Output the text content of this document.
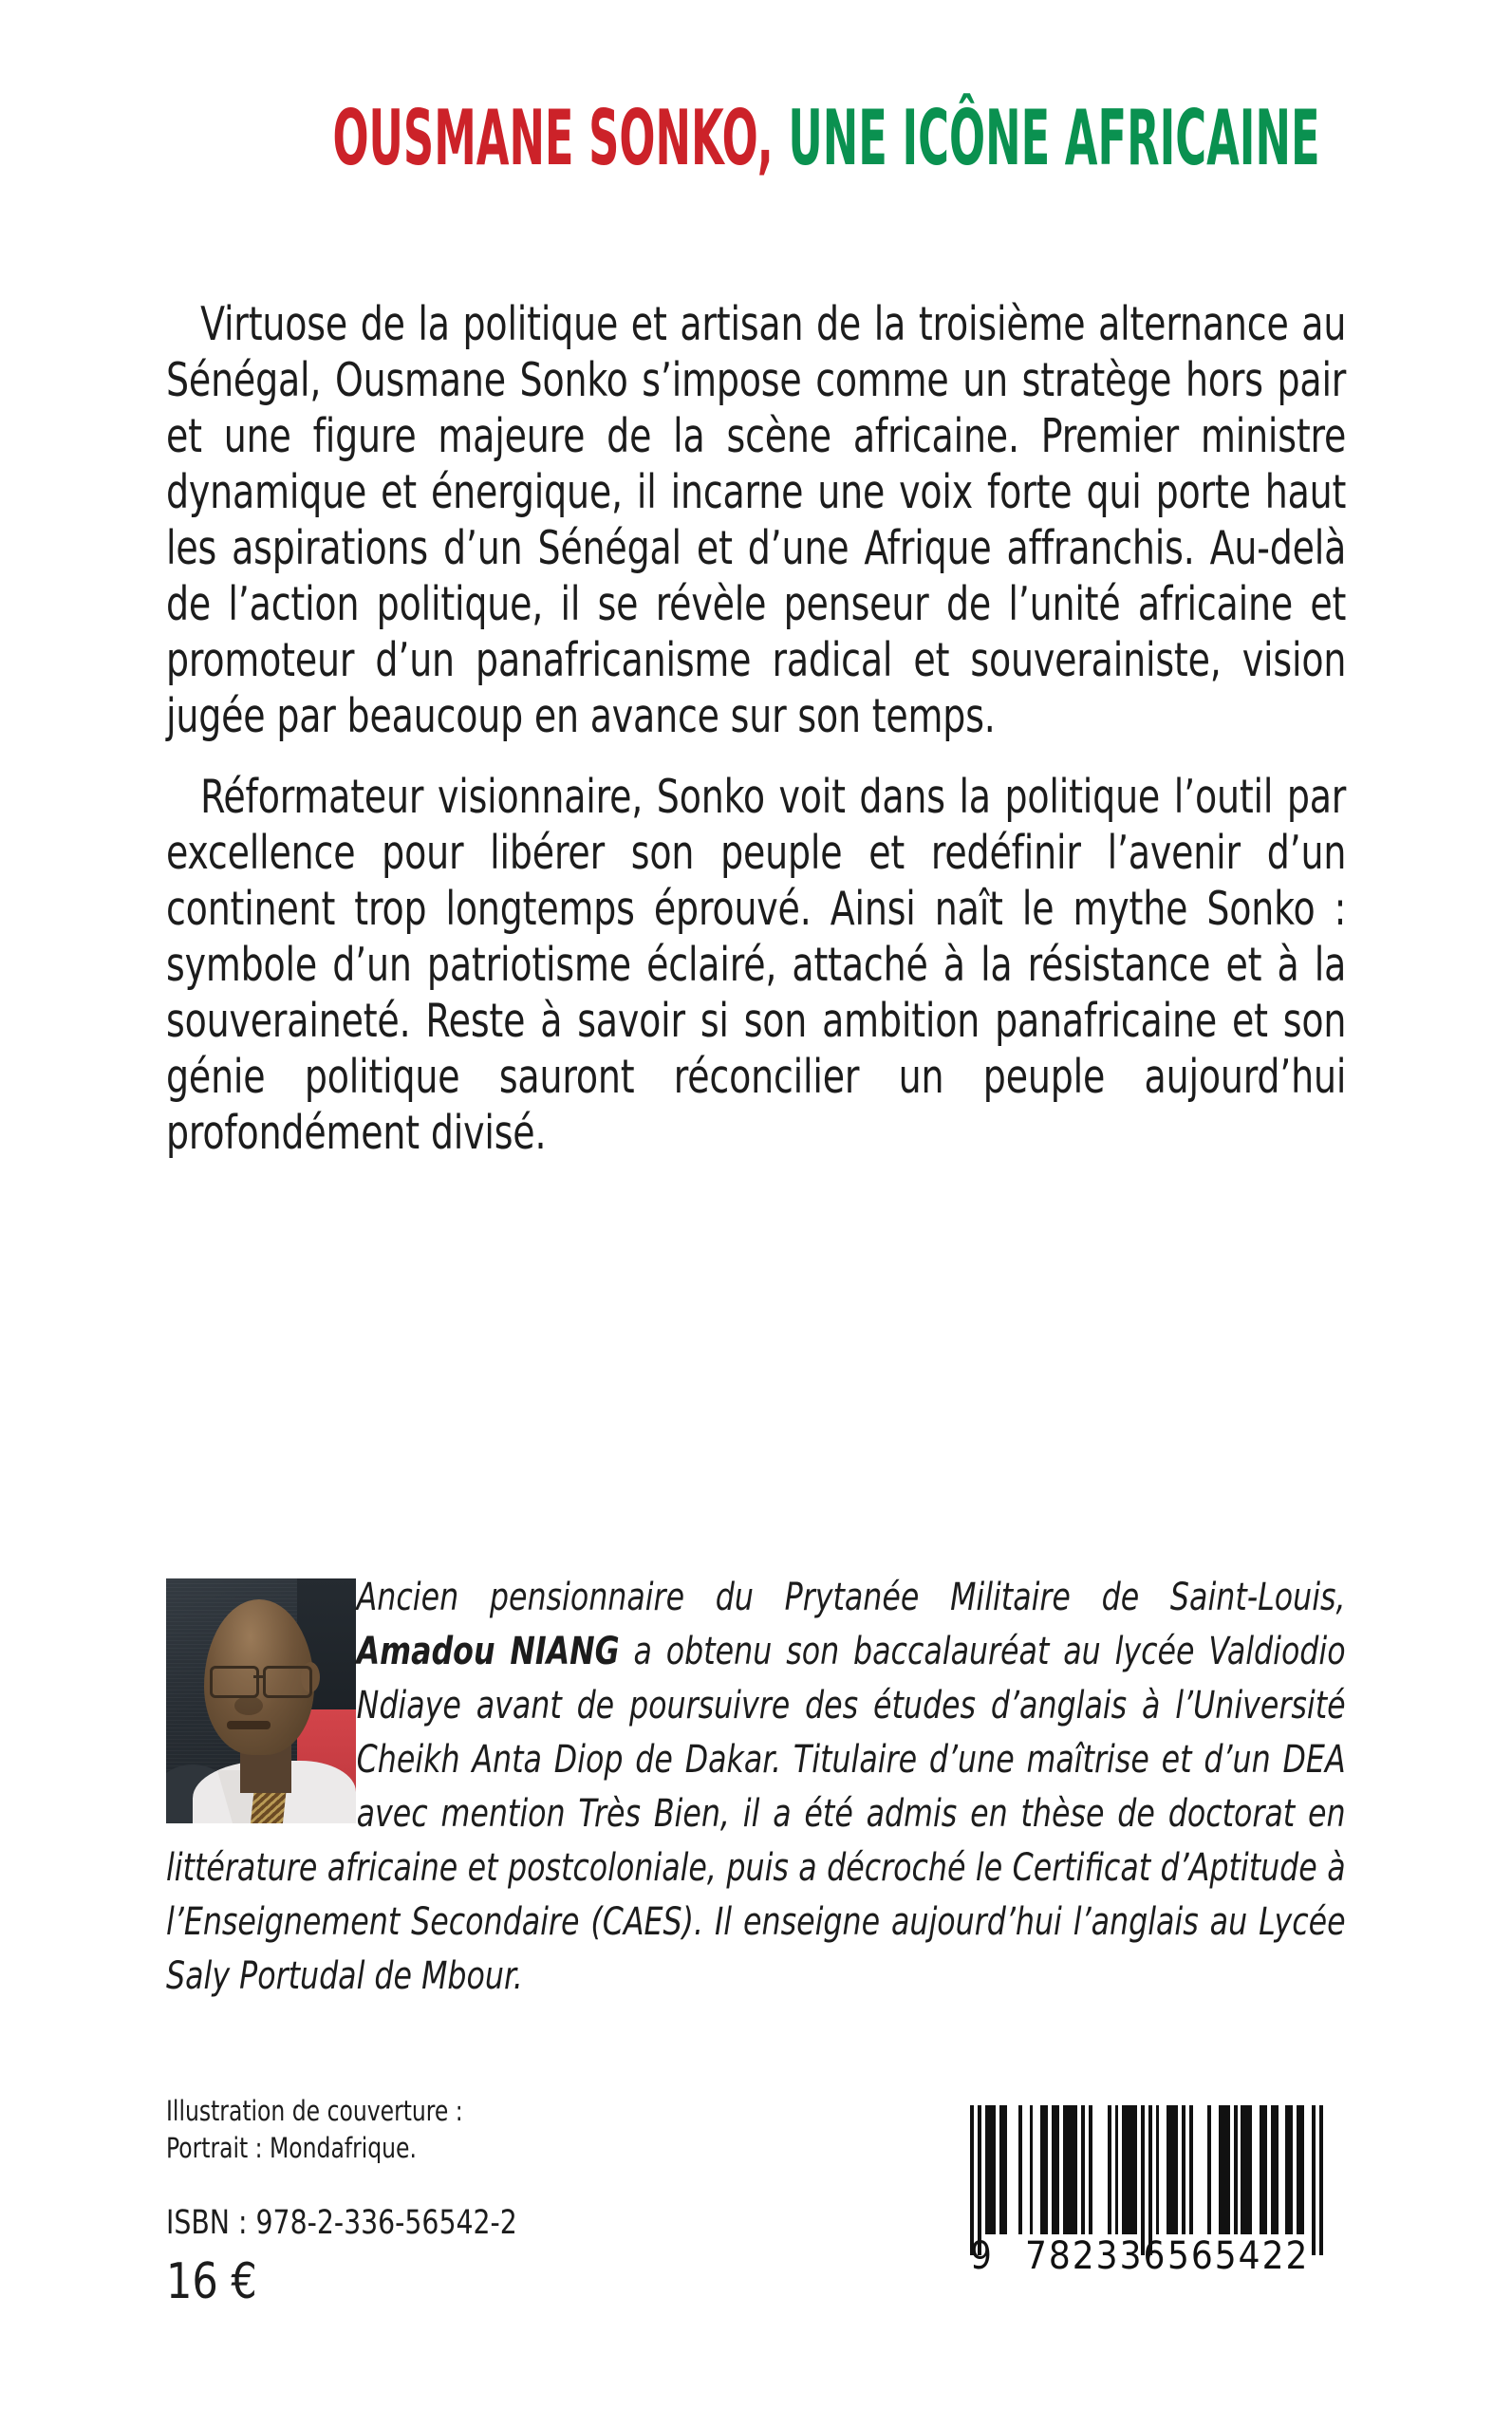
OUSMANE SONKO, UNE ICÔNE AFRICAINE

Virtuose de la politique et artisan de la troisième alternance au Sénégal, Ousmane Sonko s’impose comme un stratège hors pair et une figure majeure de la scène africaine. Premier ministre dynamique et énergique, il incarne une voix forte qui porte haut les aspirations d’un Sénégal et d’une Afrique affranchis. Au-delà de l’action politique, il se révèle penseur de l’unité africaine et promoteur d’un panafricanisme radical et souverainiste, vision jugée par beaucoup en avance sur son temps.

Réformateur visionnaire, Sonko voit dans la politique l’outil par excellence pour libérer son peuple et redéfinir l’avenir d’un continent trop longtemps éprouvé. Ainsi naît le mythe Sonko : symbole d’un patriotisme éclairé, attaché à la résistance et à la souveraineté. Reste à savoir si son ambition panafricaine et son génie politique sauront réconcilier un peuple aujourd’hui profondément divisé.

Ancien pensionnaire du Prytanée Militaire de Saint-Louis, Amadou NIANG a obtenu son baccalauréat au lycée Valdiodio Ndiaye avant de poursuivre des études d’anglais à l’Université Cheikh Anta Diop de Dakar. Titulaire d’une maîtrise et d’un DEA avec mention Très Bien, il a été admis en thèse de doctorat en littérature africaine et postcoloniale, puis a décroché le Certificat d’Aptitude à l’Enseignement Secondaire (CAES). Il enseigne aujourd’hui l’anglais au Lycée Saly Portudal de Mbour.

Illustration de couverture :
Portrait : Mondafrique.
ISBN : 978-2-336-56542-2
16 €	9 782336 565422
